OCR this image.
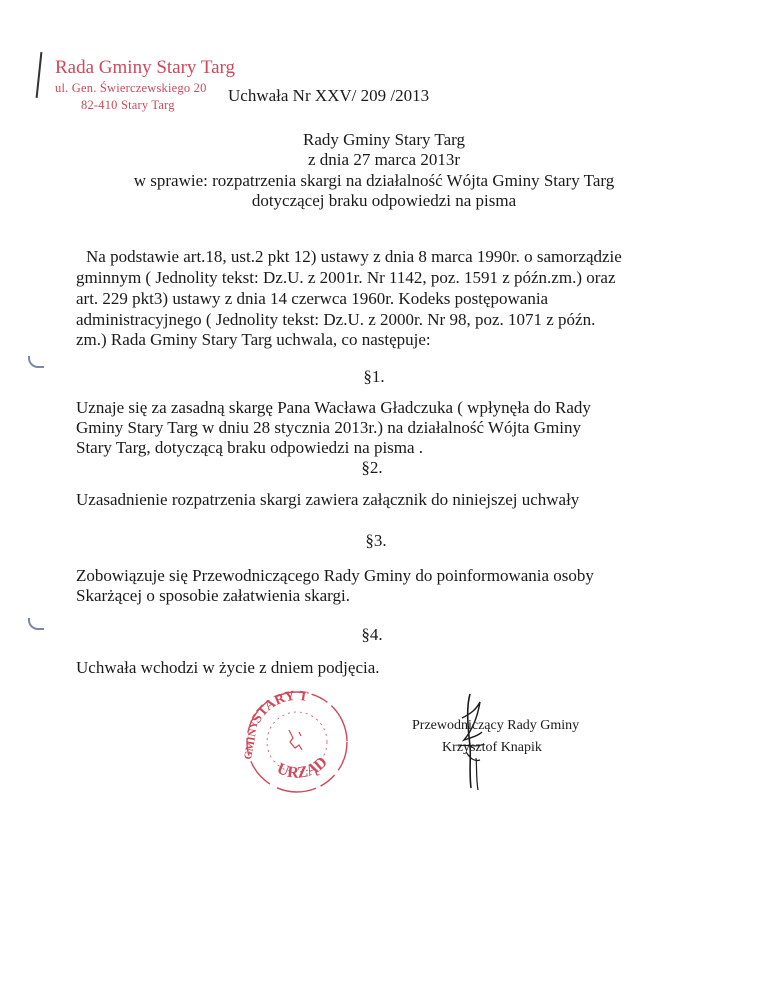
Rada Gminy Stary Targ
ul. Gen. Świerczewskiego 20
82-410 Stary Targ	Uchwała Nr XXV/ 209 /2013
Rady Gminy Stary Targ
z dnia 27 marca 2013r
w sprawie: rozpatrzenia skargi na działalność Wójta Gminy Stary Targ
dotyczącej braku odpowiedzi na pisma
Na podstawie art.18, ust.2 pkt 12) ustawy z dnia 8 marca 1990r. o samorządzie
gminnym ( Jednolity tekst: Dz.U. z 2001r. Nr 1142, poz. 1591 z późn.zm.) oraz
art. 229 pkt3) ustawy z dnia 14 czerwca 1960r. Kodeks postępowania
administracyjnego ( Jednolity tekst: Dz.U. z 2000r. Nr 98, poz. 1071 z późn.
zm.) Rada Gminy Stary Targ uchwala, co następuje:
§1.
Uznaje się za zasadną skargę Pana Wacława Gładczuka ( wpłynęła do Rady
Gminy Stary Targ w dniu 28 stycznia 2013r.) na działalność Wójta Gminy
Stary Targ, dotyczącą braku odpowiedzi na pisma .
§2.
Uzasadnienie rozpatrzenia skargi zawiera załącznik do niniejszej uchwały
§3.
Zobowiązuje się Przewodniczącego Rady Gminy do poinformowania osoby
Skarżącej o sposobie załatwienia skargi.
§4.
Uchwała wchodzi w życie z dniem podjęcia.
STARY T
URZĄD
GMINY	Przewodniczący Rady Gminy
Krzysztof Knapik
